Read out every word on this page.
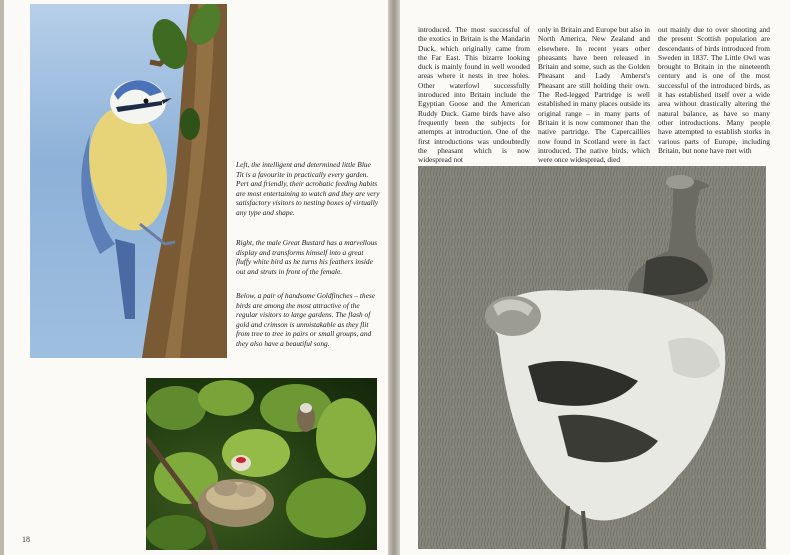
Left, the intelligent and determined little Blue Tit is a favourite in practically every garden. Pert and friendly, their acrobatic feeding habits are most entertaining to watch and they are very satisfactory visitors to nesting boxes of virtually any type and shape.
Right, the male Great Bustard has a marvellous display and transforms himself into a great fluffy white bird as he turns his feathers inside out and struts in front of the female.
Below, a pair of handsome Goldfinches – these birds are among the most attractive of the regular visitors to large gardens. The flash of gold and crimson is unmistakable as they flit from tree to tree in pairs or small groups, and they also have a beautiful song.
18
introduced. The most successful of the exotics in Britain is the Mandarin Duck, which originally came from the Far East. This bizarre looking duck is mainly found in well wooded areas where it nests in tree holes. Other waterfowl successfully introduced into Britain include the Egyptian Goose and the American Ruddy Duck. Game birds have also frequently been the subjects for attempts at introduction. One of the first introductions was undoubtedly the pheasant which is now widespread not
only in Britain and Europe but also in North America, New Zealand and elsewhere. In recent years other pheasants have been released in Britain and some, such as the Golden Pheasant and Lady Amherst's Pheasant are still holding their own. The Red-legged Partridge is well established in many places outside its original range – in many parts of Britain it is now commoner than the native partridge. The Capercaillies now found in Scotland were in fact introduced. The native birds, which were once widespread, died
out mainly due to over shooting and the present Scottish population are descendants of birds introduced from Sweden in 1837. The Little Owl was brought to Britain in the nineteenth century and is one of the most successful of the introduced birds, as it has established itself over a wide area without drastically altering the natural balance, as have so many other introductions. Many people have attempted to establish storks in various parts of Europe, including Britain, but none have met with
